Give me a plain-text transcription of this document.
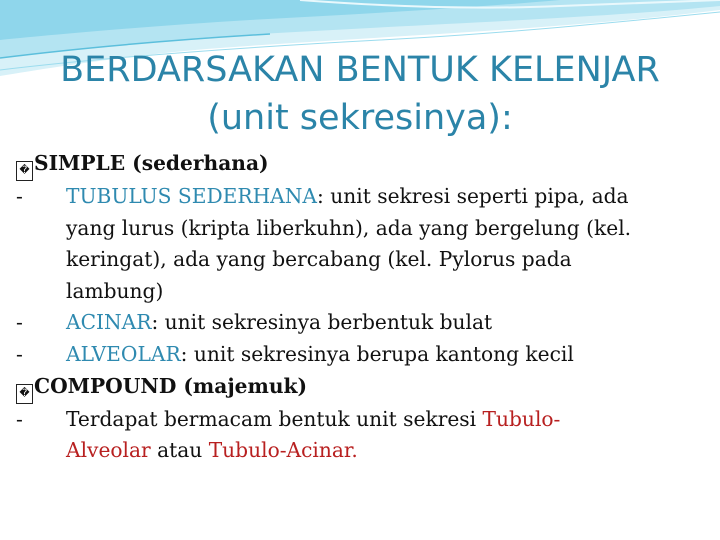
BERDARSAKAN BENTUK KELENJAR
(unit sekresinya):
� SIMPLE (sederhana)
-	TUBULUS SEDERHANA: unit sekresi seperti pipa, ada
yang lurus (kripta liberkuhn), ada yang bergelung (kel.
keringat), ada yang bercabang (kel. Pylorus pada
lambung)
-	ACINAR: unit sekresinya berbentuk bulat
-	ALVEOLAR: unit sekresinya berupa kantong kecil
� COMPOUND (majemuk)
-	Terdapat bermacam bentuk unit sekresi Tubulo-
Alveolar atau Tubulo-Acinar.
